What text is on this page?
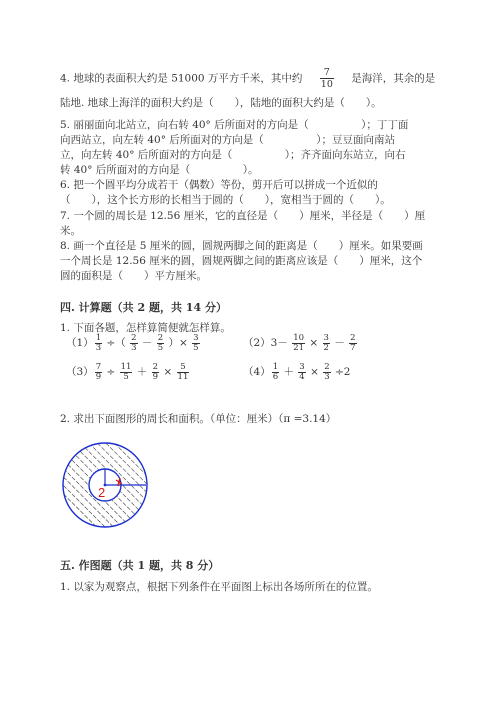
4. 地球的表面积大约是 51000 万平方千米，其中约 $\frac{7}{10}$ 是海洋，其余的是
陆地. 地球上海洋的面积大约是（　　），陆地的面积大约是（　　）。
5. 丽丽面向北站立，向右转 40° 后所面对的方向是（　　　　　）；丁丁面
向西站立，向左转 40° 后所面对的方向是（　　　　　）；豆豆面向南站
立，向左转 40° 后所面对的方向是（　　　　　）；齐齐面向东站立，向右
转 40° 后所面对的方向是（　　　　　）。
6. 把一个圆平均分成若干（偶数）等份，剪开后可以拼成一个近似的
（　　），这个长方形的长相当于圆的（　　），宽相当于圆的（　　）。
7. 一个圆的周长是 12.56 厘米，它的直径是（　　）厘米，半径是（　　）厘
米。
8. 画一个直径是 5 厘米的圆，圆规两脚之间的距离是（　　）厘米。如果要画
一个周长是 12.56 厘米的圆，圆规两脚之间的距离应该是（　　）厘米，这个
圆的面积是（　　）平方厘米。
四. 计算题（共 2 题，共 14 分）
1. 下面各题，怎样算简便就怎样算。
$(1) \frac{1}{3}$ ÷（ $\frac{2}{3} - \frac{2}{5}$ ）× $\frac{3}{5}$	$(2)3- \frac{10}{21} \times \frac{3}{2} - \frac{2}{7}$
$(3) \frac{7}{9} \div \frac{11}{5} + \frac{2}{9} \times \frac{5}{11}$	$(4) \frac{1}{6} + \frac{3}{4} \times \frac{2}{3} \div 2$
2. 求出下面图形的周长和面积。（单位：厘米）（π =3.14）
2
五. 作图题（共 1 题，共 8 分）
1. 以家为观察点，根据下列条件在平面图上标出各场所所在的位置。
